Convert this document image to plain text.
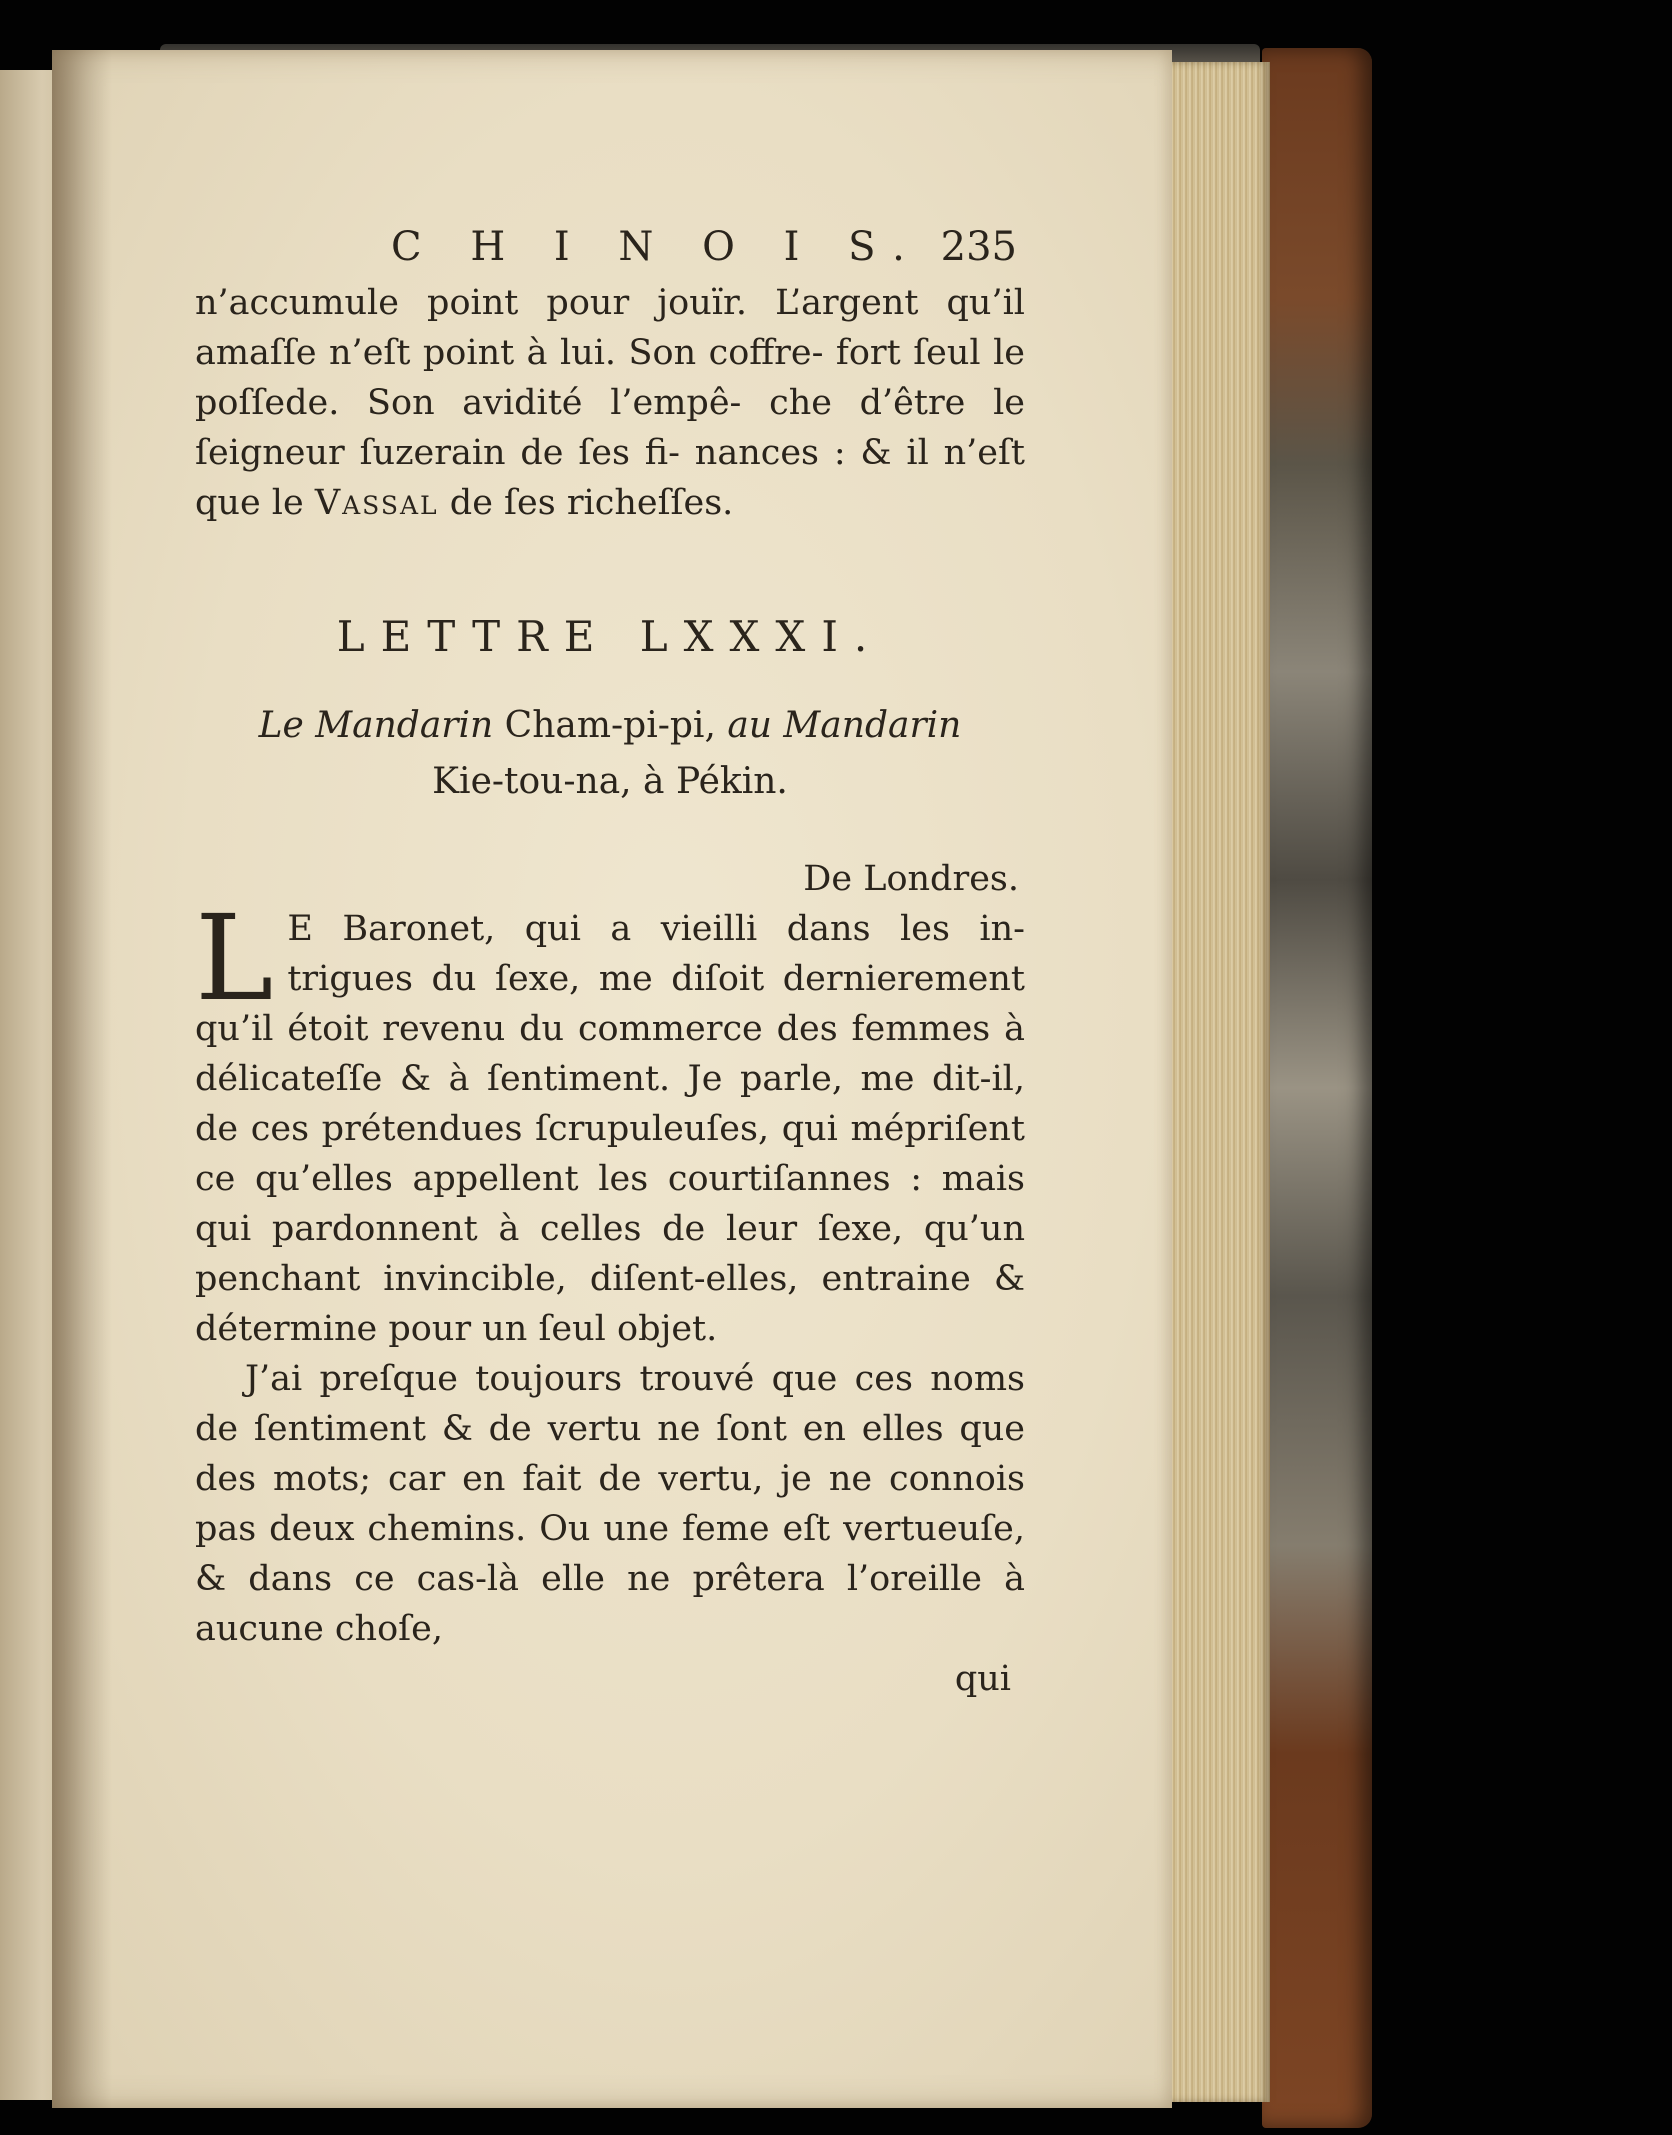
C H I N O I S. 235

n’accumule point pour jouïr. L’argent qu’il amaſſe n’eſt point à lui. Son coffre- fort ſeul le poſſede. Son avidité l’empê- che d’être le ſeigneur ſuzerain de ſes fi- nances : & il n’eſt que le Vassal de ſes richeſſes.

LETTRE LXXXI.
Le Mandarin Cham-pi-pi, au Mandarin
Kie-tou-na, à Pékin.
De Londres.

L E Baronet, qui a vieilli dans les in- trigues du ſexe, me diſoit dernierement qu’il étoit revenu du commerce des femmes à délicateſſe & à ſentiment. Je parle, me dit-il, de ces prétendues ſcrupuleuſes, qui mépriſent ce qu’elles appellent les courtiſannes : mais qui pardonnent à celles de leur ſexe, qu’un penchant invincible, diſent-elles, entraine & détermine pour un ſeul objet.

J’ai preſque toujours trouvé que ces noms de ſentiment & de vertu ne ſont en elles que des mots; car en fait de vertu, je ne connois pas deux chemins. Ou une feme eſt vertueuſe, & dans ce cas-là elle ne prêtera l’oreille à aucune choſe,

qui
